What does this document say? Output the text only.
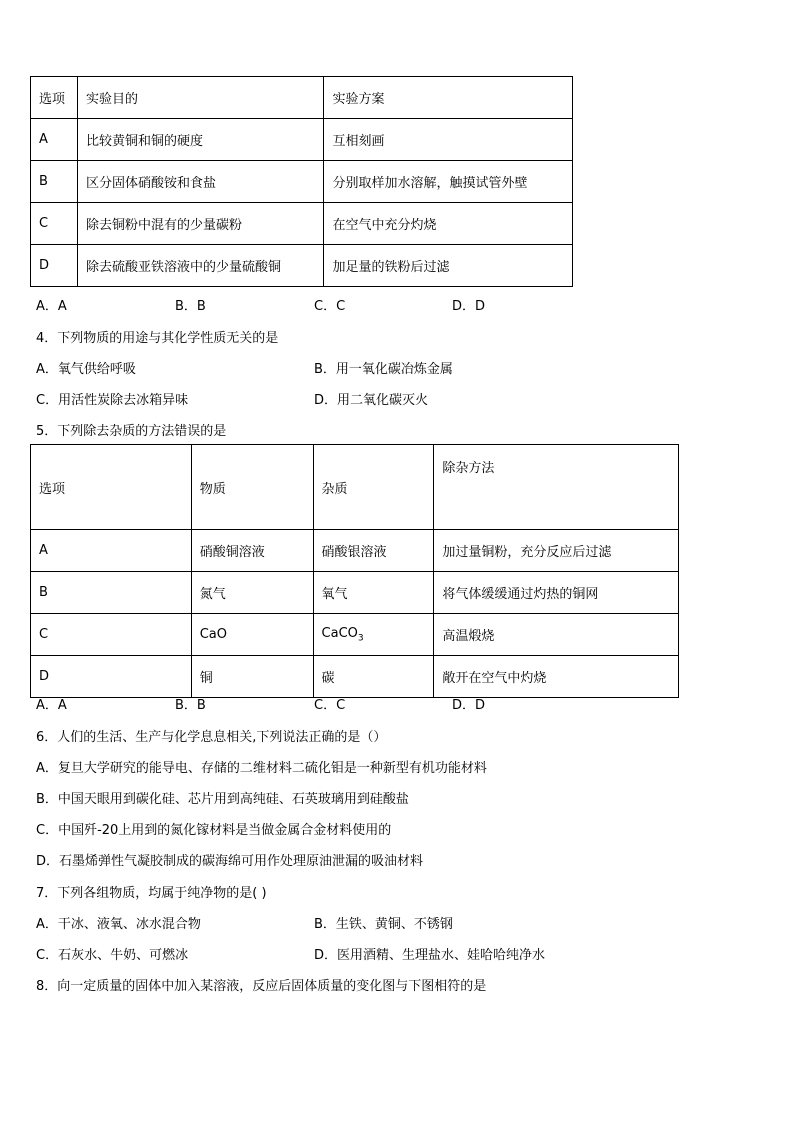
选项	实验目的	实验方案
A	比较黄铜和铜的硬度	互相刻画
B	区分固体硝酸铵和食盐	分别取样加水溶解，触摸试管外壁
C	除去铜粉中混有的少量碳粉	在空气中充分灼烧
D	除去硫酸亚铁溶液中的少量硫酸铜	加足量的铁粉后过滤
A．A	B．B	C．C	D．D
4．下列物质的用途与其化学性质无关的是
A．氧气供给呼吸	B．用一氧化碳冶炼金属
C．用活性炭除去冰箱异味	D．用二氧化碳灭火
5．下列除去杂质的方法错误的是
选项	物质	杂质	除杂方法
A	硝酸铜溶液	硝酸银溶液	加过量铜粉，充分反应后过滤
B	氮气	氧气	将气体缓缓通过灼热的铜网
C	CaO	CaCO$_3$	高温煅烧
D	铜	碳	敞开在空气中灼烧
A．A	B．B	C．C	D．D
6．人们的生活、生产与化学息息相关,下列说法正确的是（）
A．复旦大学研究的能导电、存储的二维材料二硫化钼是一种新型有机功能材料
B．中国天眼用到碳化硅、芯片用到高纯硅、石英玻璃用到硅酸盐
C．中国歼-20上用到的氮化镓材料是当做金属合金材料使用的
D．石墨烯弹性气凝胶制成的碳海绵可用作处理原油泄漏的吸油材料
7．下列各组物质，均属于纯净物的是( )
A．干冰、液氧、冰水混合物	B．生铁、黄铜、不锈钢
C．石灰水、牛奶、可燃冰	D．医用酒精、生理盐水、娃哈哈纯净水
8．向一定质量的固体中加入某溶液，反应后固体质量的变化图与下图相符的是
